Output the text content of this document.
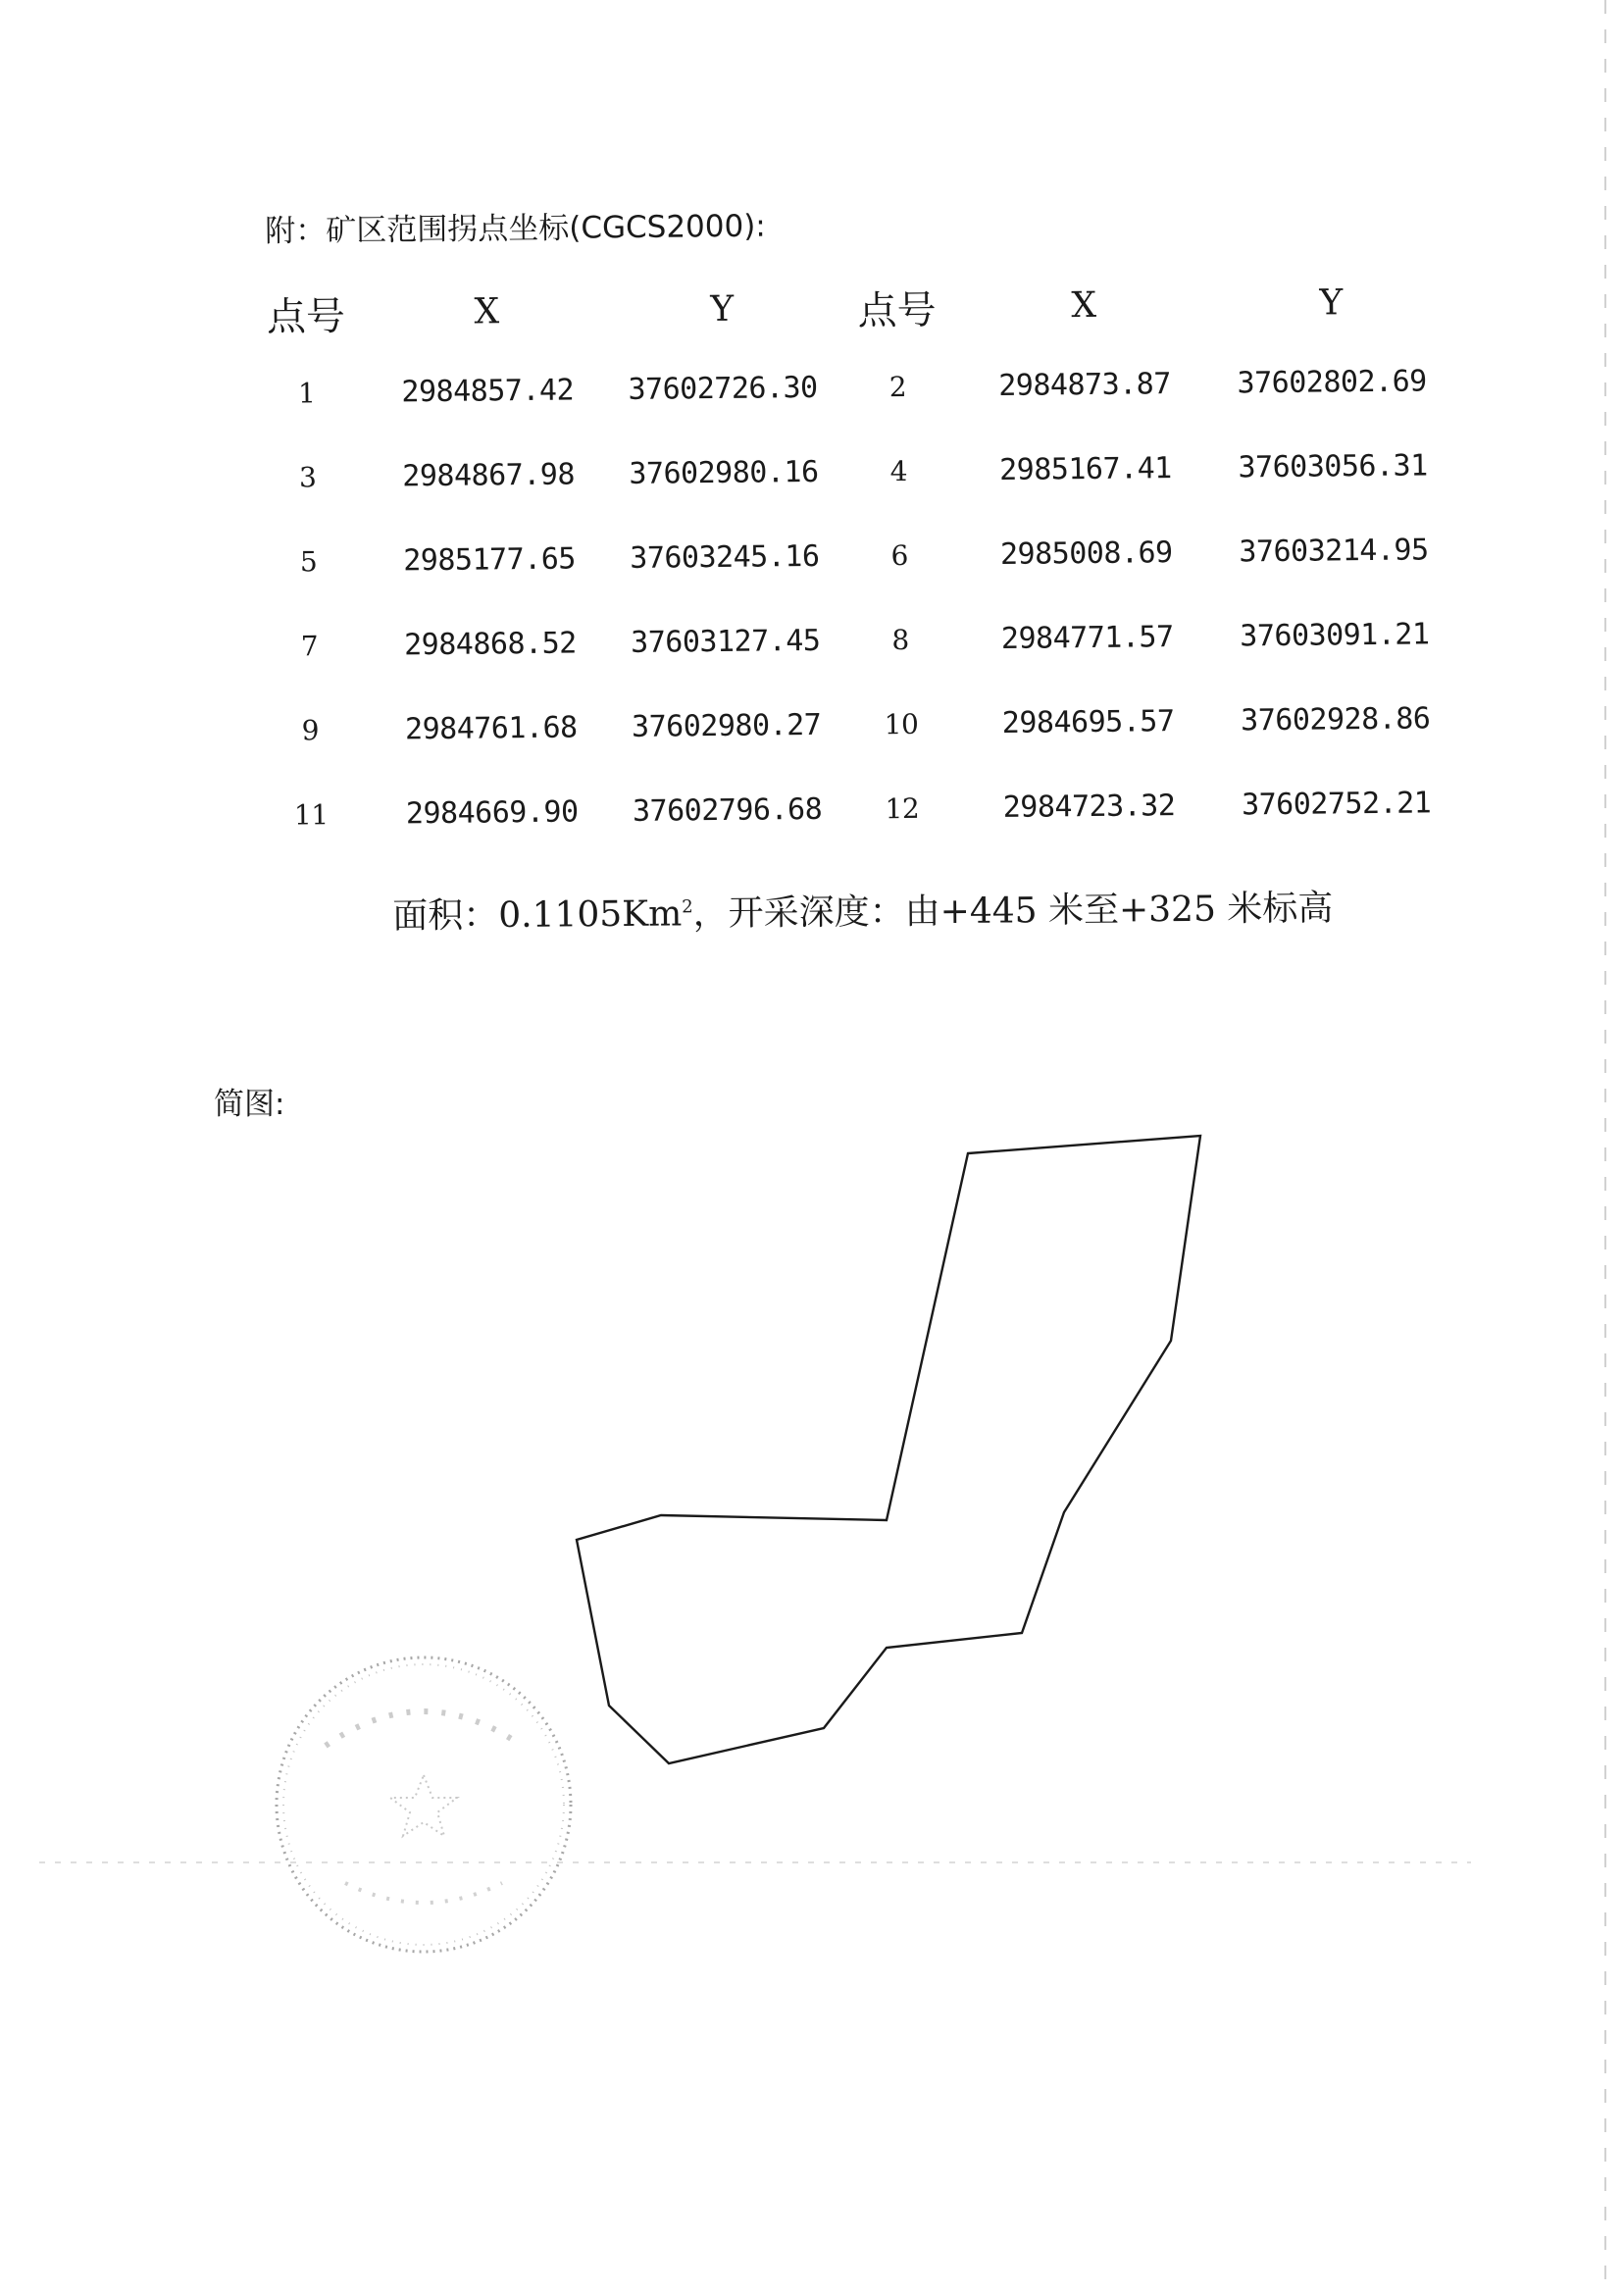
附：矿区范围拐点坐标(CGCS2000):
点号	X	Y	点号	X	Y
1	2984857.42	37602726.30	2	2984873.87	37602802.69
3	2984867.98	37602980.16	4	2985167.41	37603056.31
5	2985177.65	37603245.16	6	2985008.69	37603214.95
7	2984868.52	37603127.45	8	2984771.57	37603091.21
9	2984761.68	37602980.27	10	2984695.57	37602928.86
11	2984669.90	37602796.68	12	2984723.32	37602752.21
面积：0.1105Km$^2$，开采深度：由+445 米至+325 米标高
简图:
